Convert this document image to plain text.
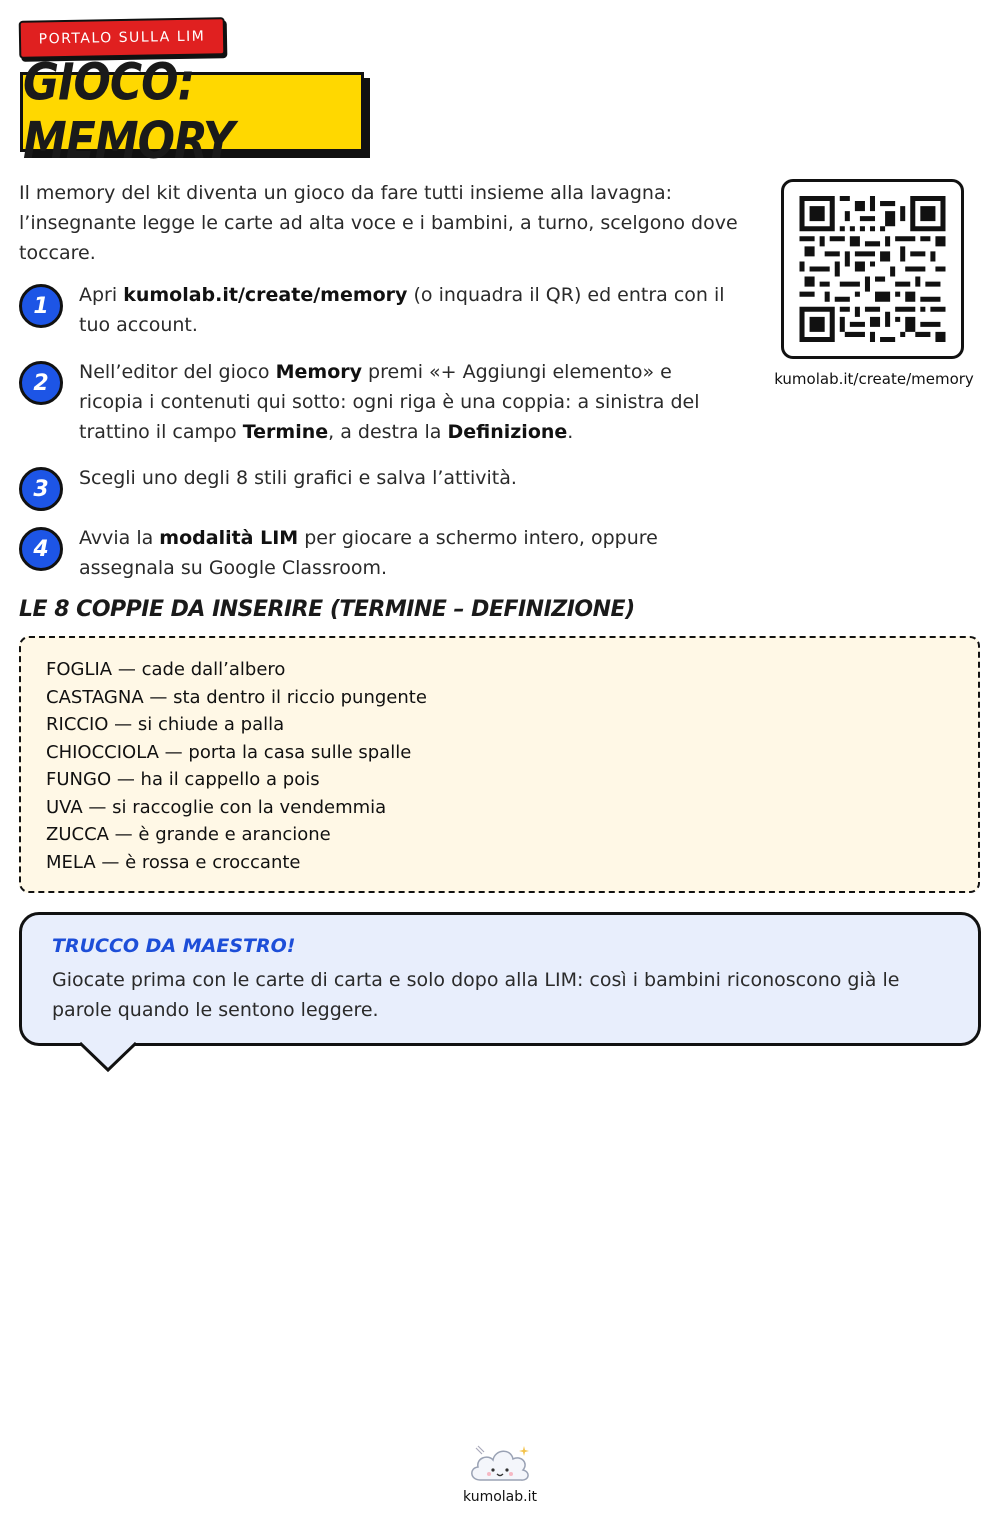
PORTALO SULLA LIM
GIOCO: MEMORY
Il memory del kit diventa un gioco da fare tutti insieme alla lavagna: l’insegnante legge le carte ad alta voce e i bambini, a turno, scelgono dove toccare.
1	Apri kumolab.it/create/memory (o inquadra il QR) ed entra con il tuo account.
2	Nell’editor del gioco Memory premi «+ Aggiungi elemento» e ricopia i contenuti qui sotto: ogni riga è una coppia: a sinistra del trattino il campo Termine, a destra la Definizione.
3	Scegli uno degli 8 stili grafici e salva l’attività.
4	Avvia la modalità LIM per giocare a schermo intero, oppure assegnala su Google Classroom.
kumolab.it/create/memory
LE 8 COPPIE DA INSERIRE (TERMINE – DEFINIZIONE)
FOGLIA — cade dall’albero
CASTAGNA — sta dentro il riccio pungente
RICCIO — si chiude a palla
CHIOCCIOLA — porta la casa sulle spalle
FUNGO — ha il cappello a pois
UVA — si raccoglie con la vendemmia
ZUCCA — è grande e arancione
MELA — è rossa e croccante
TRUCCO DA MAESTRO!
Giocate prima con le carte di carta e solo dopo alla LIM: così i bambini riconoscono già le parole quando le sentono leggere.
kumolab.it
